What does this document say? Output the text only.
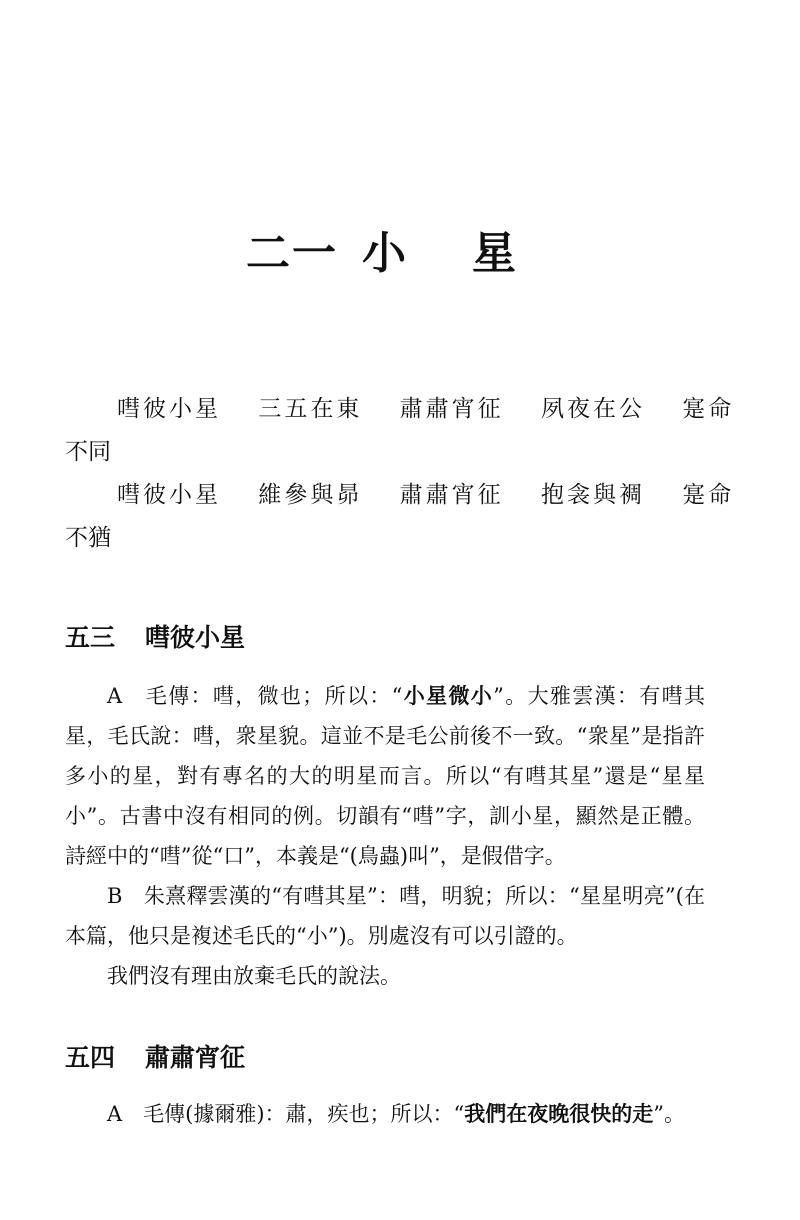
二一 小 星
嘒彼小星 三五在東 肅肅宵征 夙夜在公 寔命
不同
嘒彼小星 維參與昴 肅肅宵征 抱衾與裯 寔命
不猶
五三 嘒彼小星

A　毛傳：嘒，微也；所以：“小星微小”。大雅雲漢：有嘒其星，毛氏說：嘒，衆星貌。這並不是毛公前後不一致。“衆星”是指許多小的星，對有專名的大的明星而言。所以“有嘒其星”還是“星星小”。古書中沒有相同的例。切韻有“嘒”字，訓小星，顯然是正體。詩經中的“嘒”從“口”，本義是“(鳥蟲)叫”，是假借字。

B　朱熹釋雲漢的“有嘒其星”：嘒，明貌；所以：“星星明亮”(在本篇，他只是複述毛氏的“小”)。別處沒有可以引證的。

我們沒有理由放棄毛氏的說法。

五四 肅肅宵征

A　毛傳(據爾雅)：肅，疾也；所以：“我們在夜晚很快的走”。
